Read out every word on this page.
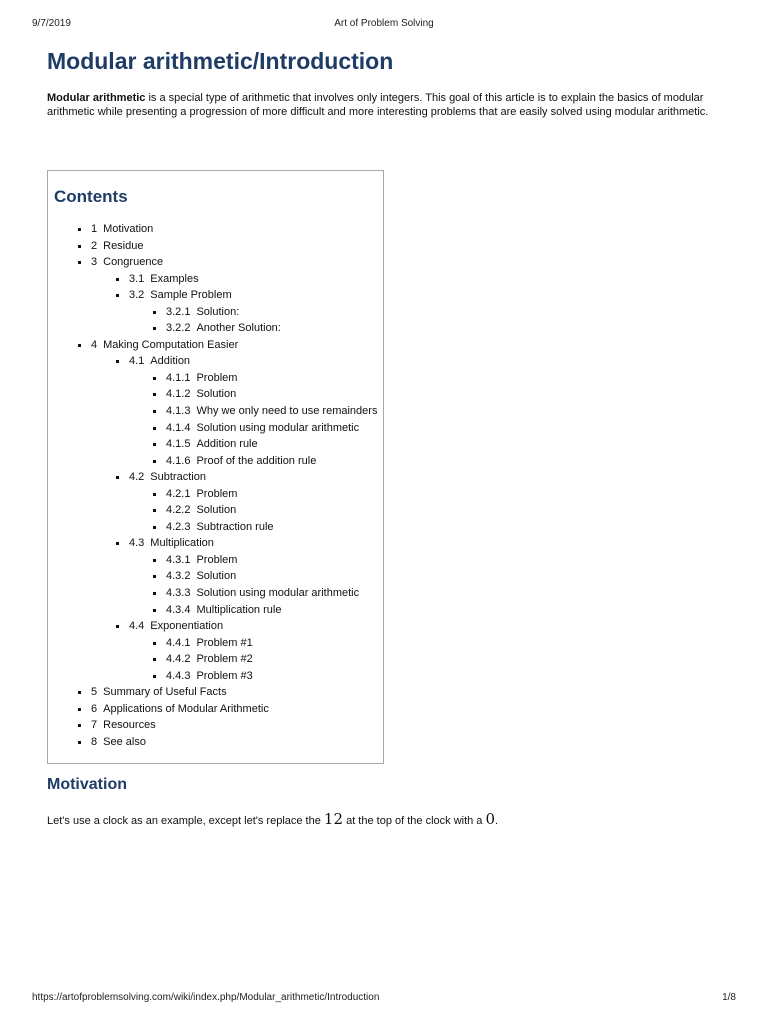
9/7/2019	Art of Problem Solving
Modular arithmetic/Introduction

Modular arithmetic is a special type of arithmetic that involves only integers. This goal of this article is to explain the basics of modular arithmetic while presenting a progression of more difficult and more interesting problems that are easily solved using modular arithmetic.

Contents
1 Motivation
2 Residue
3 Congruence
3.1 Examples
3.2 Sample Problem
3.2.1 Solution:
3.2.2 Another Solution:
4 Making Computation Easier
4.1 Addition
4.1.1 Problem
4.1.2 Solution
4.1.3 Why we only need to use remainders
4.1.4 Solution using modular arithmetic
4.1.5 Addition rule
4.1.6 Proof of the addition rule
4.2 Subtraction
4.2.1 Problem
4.2.2 Solution
4.2.3 Subtraction rule
4.3 Multiplication
4.3.1 Problem
4.3.2 Solution
4.3.3 Solution using modular arithmetic
4.3.4 Multiplication rule
4.4 Exponentiation
4.4.1 Problem #1
4.4.2 Problem #2
4.4.3 Problem #3
5 Summary of Useful Facts
6 Applications of Modular Arithmetic
7 Resources
8 See also
Motivation

Let's use a clock as an example, except let's replace the 12 at the top of the clock with a 0.

https://artofproblemsolving.com/wiki/index.php/Modular_arithmetic/Introduction	1/8
